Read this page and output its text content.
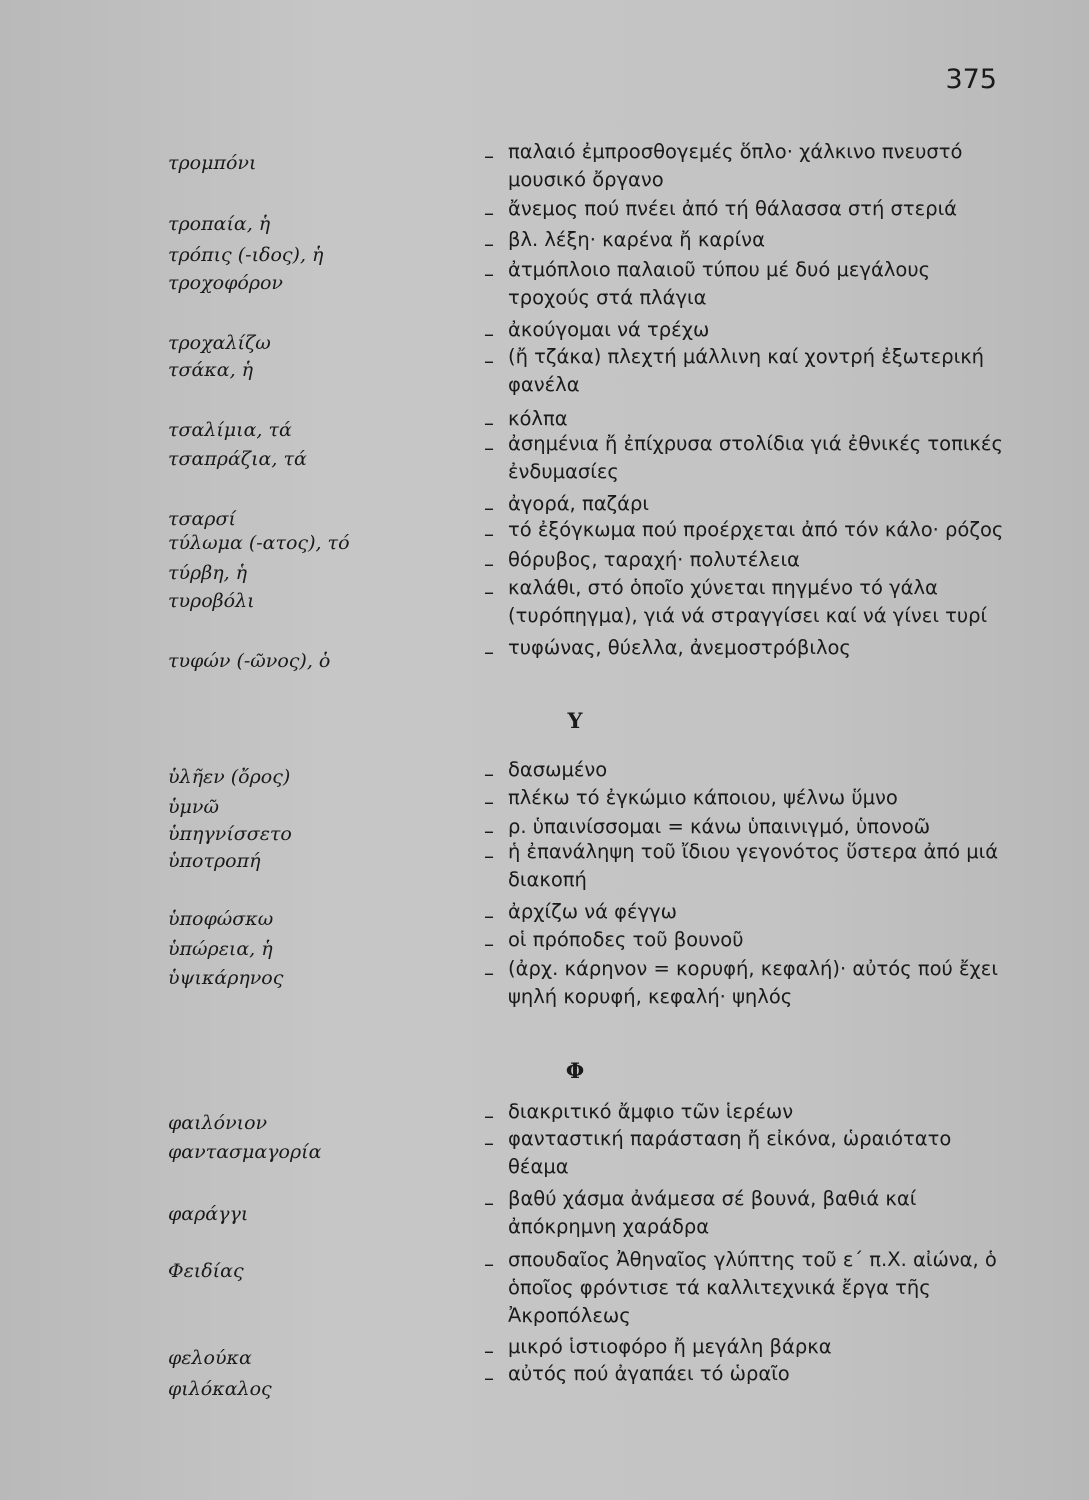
375
Υ
Φ
τρομπόνι	– παλαιό ἐμπροσθογεμές ὅπλο· χάλκινο πνευστό μουσικό ὄργανο
τροπαία, ἡ	– ἄνεμος πού πνέει ἀπό τή θάλασσα στή στεριά
τρόπις (-ιδος), ἡ	– βλ. λέξη· καρένα ἤ καρίνα
τροχοφόρον	– ἀτμόπλοιο παλαιοῦ τύπου μέ δυό μεγάλους τροχούς στά πλάγια
τροχαλίζω	– ἀκούγομαι νά τρέχω
τσάκα, ἡ	– (ἤ τζάκα) πλεχτή μάλλινη καί χοντρή ἐξωτερική φανέλα
τσαλίμια, τά	– κόλπα
τσαπράζια, τά	– ἀσημένια ἤ ἐπίχρυσα στολίδια γιά ἐθνικές τοπικές ἐνδυμασίες
τσαρσί	– ἀγορά, παζάρι
τύλωμα (-ατος), τό	– τό ἐξόγκωμα πού προέρχεται ἀπό τόν κάλο· ρόζος
τύρβη, ἡ	– θόρυβος, ταραχή· πολυτέλεια
τυροβόλι	– καλάθι, στό ὁποῖο χύνεται πηγμένο τό γάλα (τυρόπηγμα), γιά νά στραγγίσει καί νά γίνει τυρί
τυφών (-ῶνος), ὁ	– τυφώνας, θύελλα, ἀνεμοστρόβιλος
ὑλῆεν (ὄρος)	– δασωμένο
ὑμνῶ	– πλέκω τό ἐγκώμιο κάποιου, ψέλνω ὕμνο
ὑπηγνίσσετο	– ρ. ὑπαινίσσομαι = κάνω ὑπαινιγμό, ὑπονοῶ
ὑποτροπή	– ἡ ἐπανάληψη τοῦ ἴδιου γεγονότος ὕστερα ἀπό μιά διακοπή
ὑποφώσκω	– ἀρχίζω νά φέγγω
ὑπώρεια, ἡ	– οἱ πρόποδες τοῦ βουνοῦ
ὑψικάρηνος	– (ἀρχ. κάρηνον = κορυφή, κεφαλή)· αὐτός πού ἔχει ψηλή κορυφή, κεφαλή· ψηλός
φαιλόνιον	– διακριτικό ἄμφιο τῶν ἱερέων
φαντασμαγορία	– φανταστική παράσταση ἤ εἰκόνα, ὡραιότατο θέαμα
φαράγγι	– βαθύ χάσμα ἀνάμεσα σέ βουνά, βαθιά καί ἀπόκρημνη χαράδρα
Φειδίας	– σπουδαῖος Ἀθηναῖος γλύπτης τοῦ ε΄ π.Χ. αἰώνα, ὁ ὁποῖος φρόντισε τά καλλιτεχνικά ἔργα τῆς Ἀκροπόλεως
φελούκα	– μικρό ἱστιοφόρο ἤ μεγάλη βάρκα
φιλόκαλος	– αὐτός πού ἀγαπάει τό ὡραῖο
